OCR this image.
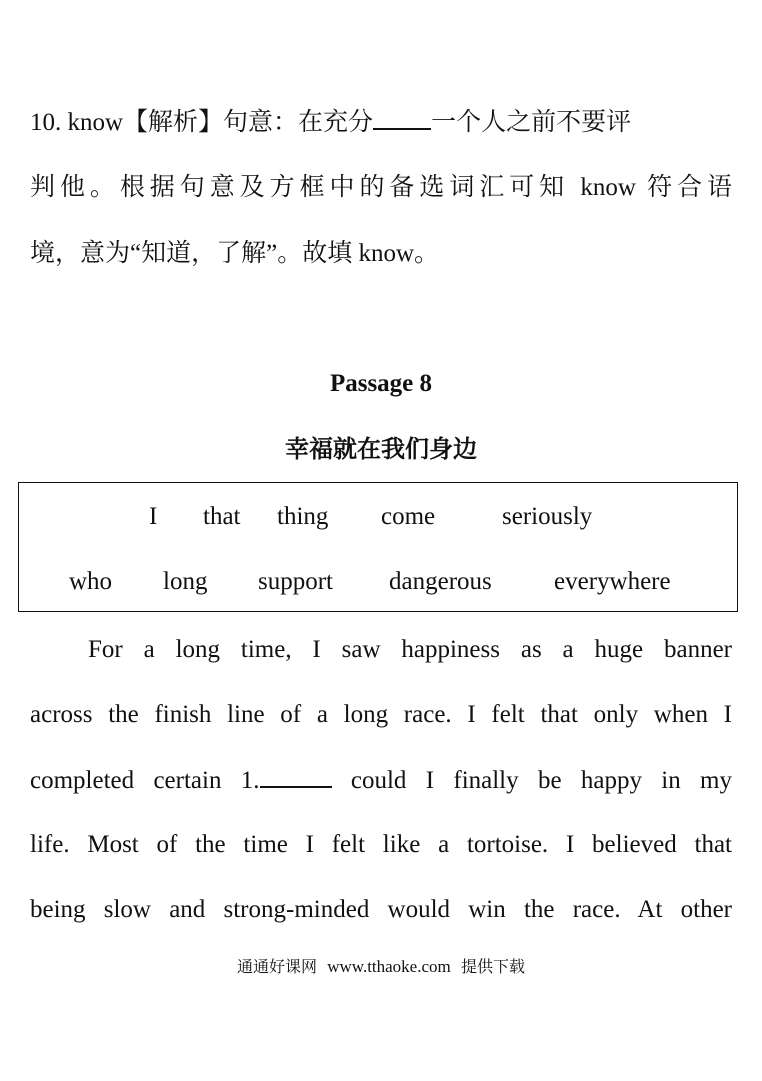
10. know【解析】句意：在充分 一个人之前不要评
判他。根据句意及方框中的备选词汇可知 know 符合语
境，意为“知道，了解”。故填 know。
Passage 8
幸福就在我们身边
I that thing come	seriously
who long support dangerous everywhere
For a long time, I saw happiness as a huge banner
across the finish line of a long race. I felt that only when I
completed certain 1.	could I finally be happy in my
life. Most of the time I felt like a tortoise. I believed that
being slow and strong-minded would win the race. At other
通通好课网 www.tthaoke.com 提供下载
